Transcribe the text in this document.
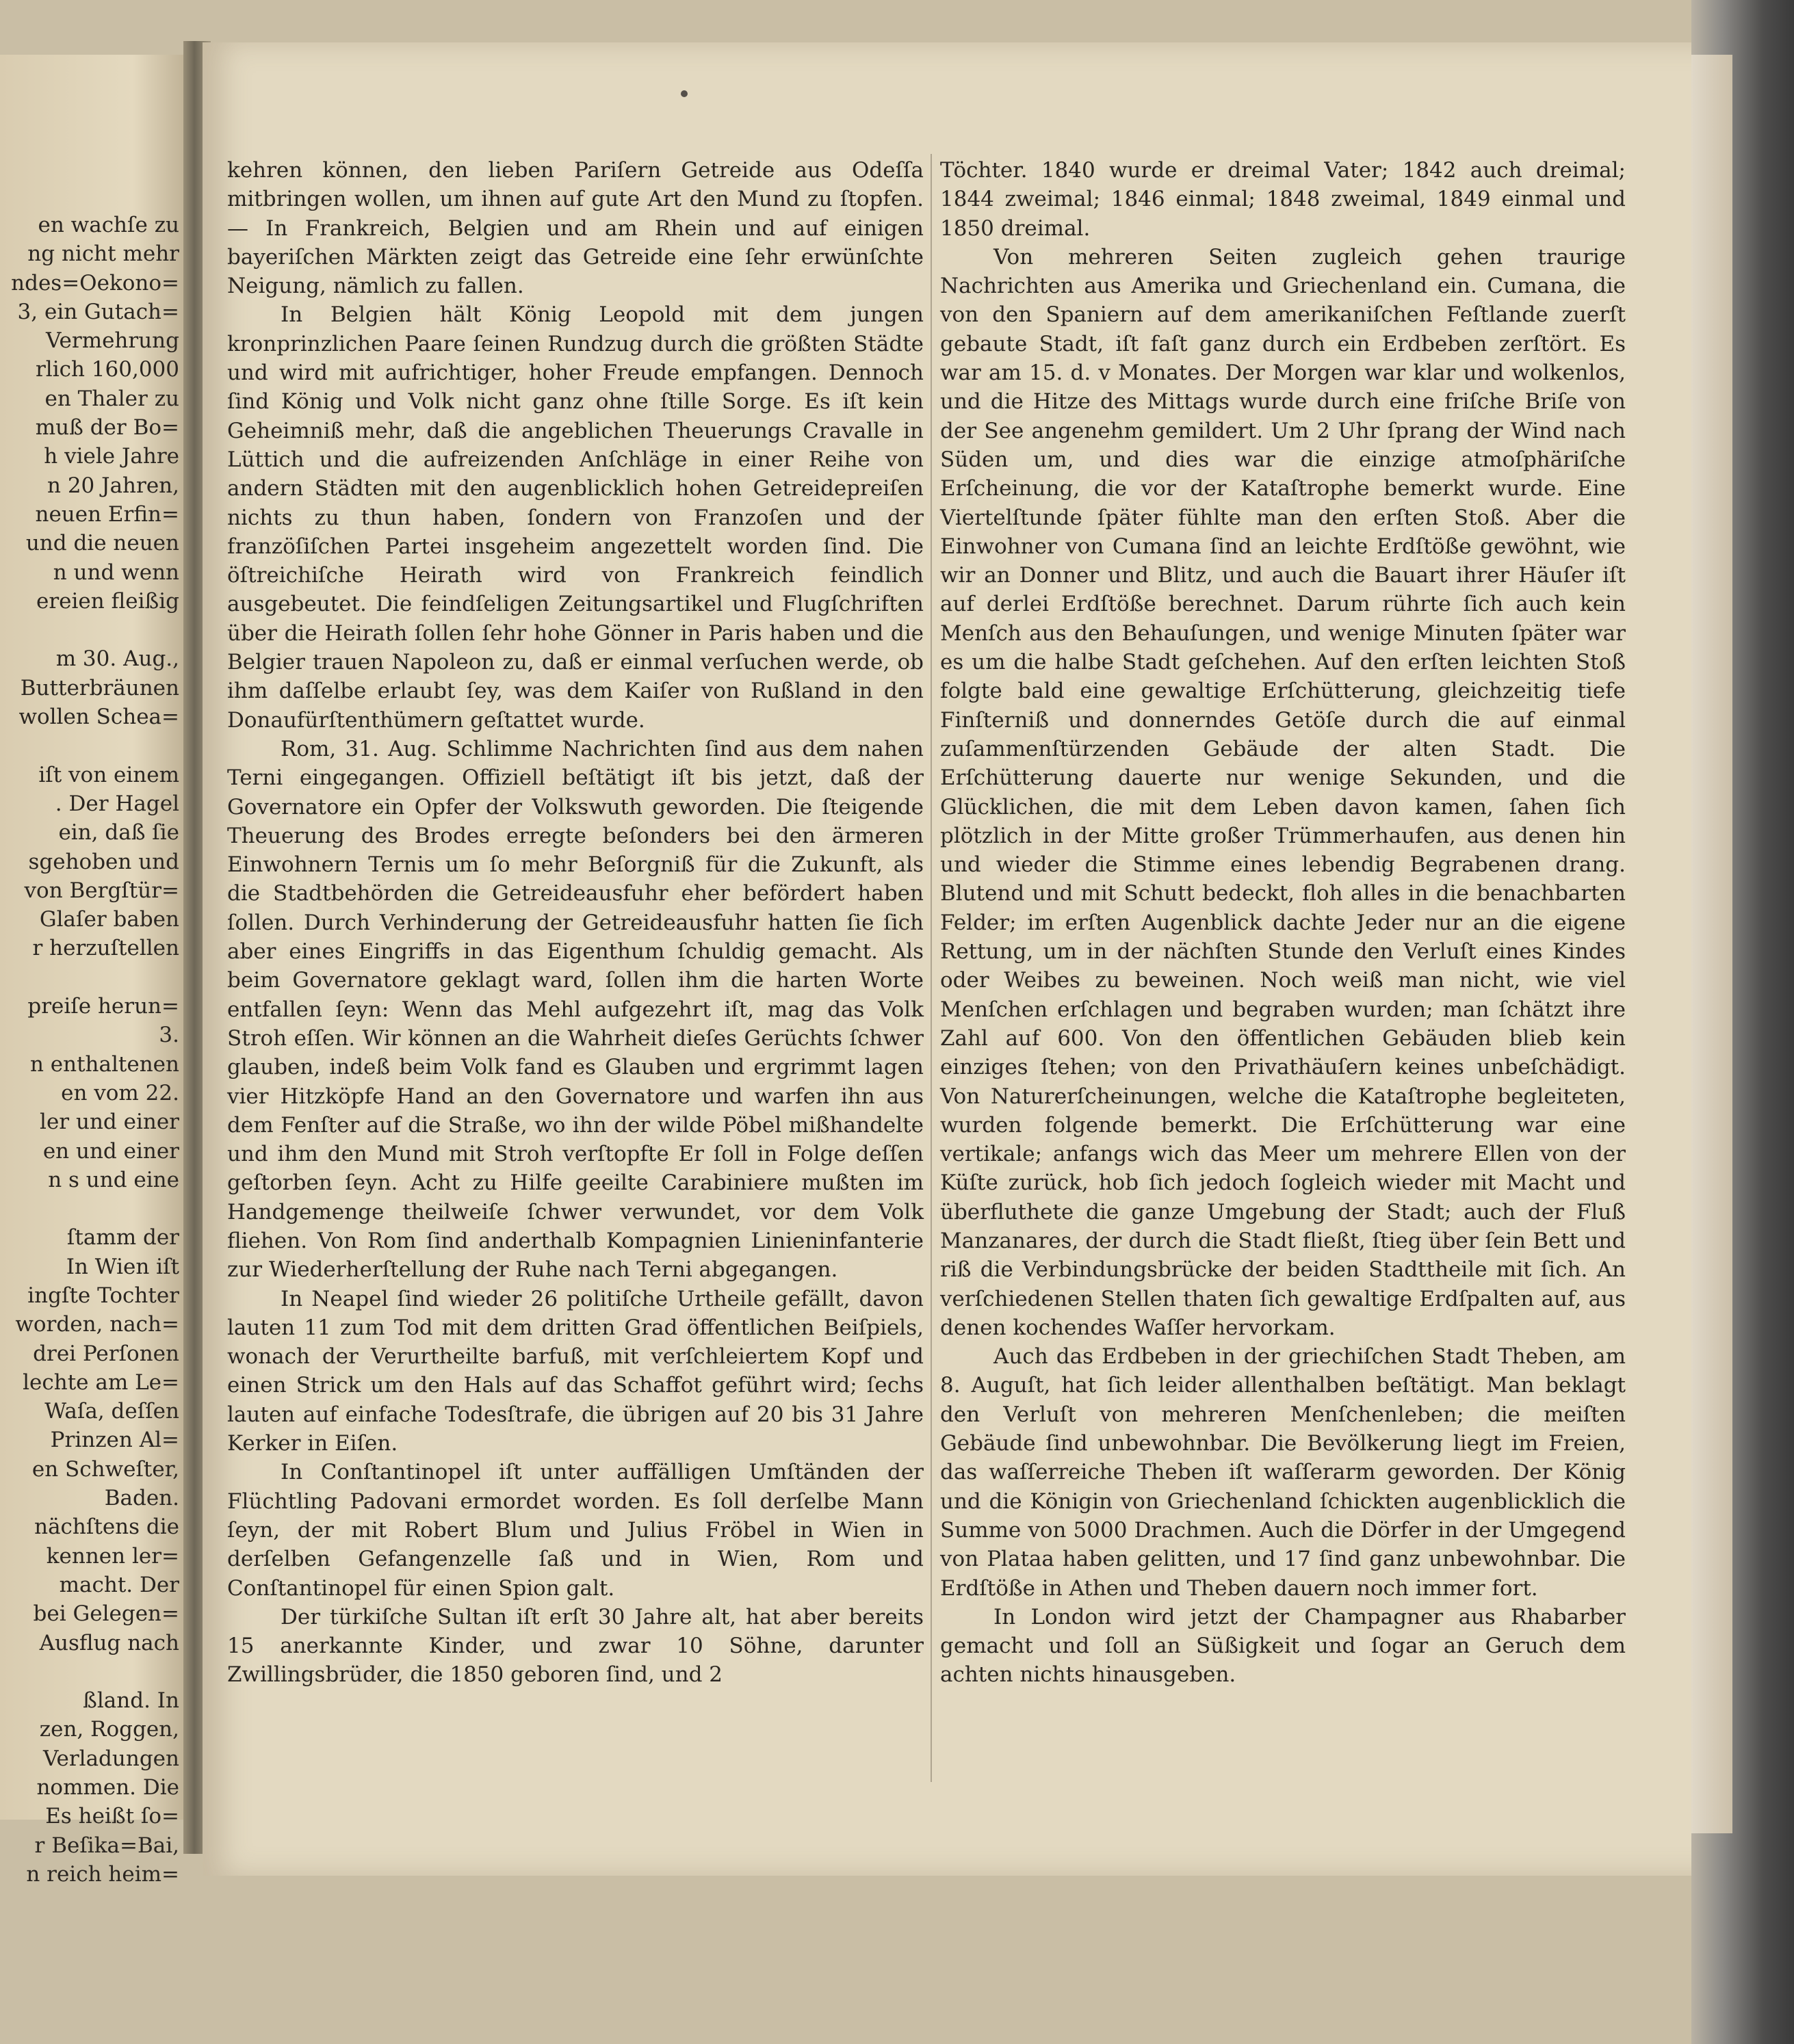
en wachſe zu
ng nicht mehr
ndes=Oekono=
3, ein Gutach=
Vermehrung
rlich 160,000
en Thaler zu
muß der Bo=
h viele Jahre
n 20 Jahren,
neuen Erfin=
und die neuen
n und wenn
ereien fleißig
m 30. Aug.,
Butterbräunen
wollen Schea=
iſt von einem
. Der Hagel
ein, daß ſie
sgehoben und
von Bergſtür=
Glaſer baben
r herzuſtellen
preiſe herun=
3.
n enthaltenen
en vom 22.
ler und einer
en und einer
n s und eine
ſtamm der
In Wien iſt
ingſte Tochter
worden, nach=
drei Perſonen
lechte am Le=
Waſa, deſſen
Prinzen Al=
en Schweſter,
Baden.
nächſtens die
kennen ler=
macht. Der
bei Gelegen=
Ausflug nach
ßland. In
zen, Roggen,
Verladungen
nommen. Die
Es heißt ſo=
r Beſika=Bai,
n reich heim=

kehren können, den lieben Pariſern Getreide aus Odeſſa mitbringen wollen, um ihnen auf gute Art den Mund zu ſtopfen. — In Frankreich, Belgien und am Rhein und auf einigen bayeriſchen Märkten zeigt das Getreide eine ſehr erwünſchte Neigung, nämlich zu fallen.

In Belgien hält König Leopold mit dem jungen kronprinzlichen Paare ſeinen Rundzug durch die größten Städte und wird mit aufrichtiger, hoher Freude empfangen. Dennoch ſind König und Volk nicht ganz ohne ſtille Sorge. Es iſt kein Geheimniß mehr, daß die angeblichen Theuerungs Cravalle in Lüttich und die aufreizenden Anſchläge in einer Reihe von andern Städten mit den augenblicklich hohen Getreidepreiſen nichts zu thun haben, ſondern von Franzoſen und der franzöſiſchen Partei insgeheim angezettelt worden ſind. Die öſtreichiſche Heirath wird von Frankreich feindlich ausgebeutet. Die feindſeligen Zeitungsartikel und Flugſchriften über die Heirath ſollen ſehr hohe Gönner in Paris haben und die Belgier trauen Napoleon zu, daß er einmal verſuchen werde, ob ihm daſſelbe erlaubt ſey, was dem Kaiſer von Rußland in den Donaufürſtenthümern geſtattet wurde.

Rom, 31. Aug. Schlimme Nachrichten ſind aus dem nahen Terni eingegangen. Offiziell beſtätigt iſt bis jetzt, daß der Governatore ein Opfer der Volkswuth geworden. Die ſteigende Theuerung des Brodes erregte beſonders bei den ärmeren Einwohnern Ternis um ſo mehr Beſorgniß für die Zukunft, als die Stadtbehörden die Getreideausfuhr eher befördert haben ſollen. Durch Verhinderung der Getreideausfuhr hatten ſie ſich aber eines Eingriffs in das Eigenthum ſchuldig gemacht. Als beim Governatore geklagt ward, ſollen ihm die harten Worte entfallen ſeyn: Wenn das Mehl aufgezehrt iſt, mag das Volk Stroh eſſen. Wir können an die Wahrheit dieſes Gerüchts ſchwer glauben, indeß beim Volk fand es Glauben und ergrimmt lagen vier Hitzköpfe Hand an den Governatore und warfen ihn aus dem Fenſter auf die Straße, wo ihn der wilde Pöbel mißhandelte und ihm den Mund mit Stroh verſtopfte Er ſoll in Folge deſſen geſtorben ſeyn. Acht zu Hilfe geeilte Carabiniere mußten im Handgemenge theilweiſe ſchwer verwundet, vor dem Volk fliehen. Von Rom ſind anderthalb Kompagnien Linieninfanterie zur Wiederherſtellung der Ruhe nach Terni abgegangen.

In Neapel ſind wieder 26 politiſche Urtheile gefällt, davon lauten 11 zum Tod mit dem dritten Grad öffentlichen Beiſpiels, wonach der Verurtheilte barfuß, mit verſchleiertem Kopf und einen Strick um den Hals auf das Schaffot geführt wird; ſechs lauten auf einfache Todesſtrafe, die übrigen auf 20 bis 31 Jahre Kerker in Eiſen.

In Conſtantinopel iſt unter auffälligen Umſtänden der Flüchtling Padovani ermordet worden. Es ſoll derſelbe Mann ſeyn, der mit Robert Blum und Julius Fröbel in Wien in derſelben Gefangenzelle ſaß und in Wien, Rom und Conſtantinopel für einen Spion galt.

Der türkiſche Sultan iſt erſt 30 Jahre alt, hat aber bereits 15 anerkannte Kinder, und zwar 10 Söhne, darunter Zwillingsbrüder, die 1850 geboren ſind, und 2

Töchter. 1840 wurde er dreimal Vater; 1842 auch dreimal; 1844 zweimal; 1846 einmal; 1848 zweimal, 1849 einmal und 1850 dreimal.

Von mehreren Seiten zugleich gehen traurige Nachrichten aus Amerika und Griechenland ein. Cumana, die von den Spaniern auf dem amerikaniſchen Feſtlande zuerſt gebaute Stadt, iſt faſt ganz durch ein Erdbeben zerſtört. Es war am 15. d. v Monates. Der Morgen war klar und wolkenlos, und die Hitze des Mittags wurde durch eine friſche Briſe von der See angenehm gemildert. Um 2 Uhr ſprang der Wind nach Süden um, und dies war die einzige atmoſphäriſche Erſcheinung, die vor der Kataſtrophe bemerkt wurde. Eine Viertelſtunde ſpäter fühlte man den erſten Stoß. Aber die Einwohner von Cumana ſind an leichte Erdſtöße gewöhnt, wie wir an Donner und Blitz, und auch die Bauart ihrer Häuſer iſt auf derlei Erdſtöße berechnet. Darum rührte ſich auch kein Menſch aus den Behauſungen, und wenige Minuten ſpäter war es um die halbe Stadt geſchehen. Auf den erſten leichten Stoß folgte bald eine gewaltige Erſchütterung, gleichzeitig tiefe Finſterniß und donnerndes Getöſe durch die auf einmal zuſammenſtürzenden Gebäude der alten Stadt. Die Erſchütterung dauerte nur wenige Sekunden, und die Glücklichen, die mit dem Leben davon kamen, ſahen ſich plötzlich in der Mitte großer Trümmerhaufen, aus denen hin und wieder die Stimme eines lebendig Begrabenen drang. Blutend und mit Schutt bedeckt, floh alles in die benachbarten Felder; im erſten Augenblick dachte Jeder nur an die eigene Rettung, um in der nächſten Stunde den Verluſt eines Kindes oder Weibes zu beweinen. Noch weiß man nicht, wie viel Menſchen erſchlagen und begraben wurden; man ſchätzt ihre Zahl auf 600. Von den öffentlichen Gebäuden blieb kein einziges ſtehen; von den Privathäuſern keines unbeſchädigt. Von Naturerſcheinungen, welche die Kataſtrophe begleiteten, wurden folgende bemerkt. Die Erſchütterung war eine vertikale; anfangs wich das Meer um mehrere Ellen von der Küſte zurück, hob ſich jedoch ſogleich wieder mit Macht und überfluthete die ganze Umgebung der Stadt; auch der Fluß Manzanares, der durch die Stadt fließt, ſtieg über ſein Bett und riß die Verbindungsbrücke der beiden Stadttheile mit ſich. An verſchiedenen Stellen thaten ſich gewaltige Erdſpalten auf, aus denen kochendes Waſſer hervorkam.

Auch das Erdbeben in der griechiſchen Stadt Theben, am 8. Auguſt, hat ſich leider allenthalben beſtätigt. Man beklagt den Verluſt von mehreren Menſchenleben; die meiſten Gebäude ſind unbewohnbar. Die Bevölkerung liegt im Freien, das waſſerreiche Theben iſt waſſerarm geworden. Der König und die Königin von Griechenland ſchickten augenblicklich die Summe von 5000 Drachmen. Auch die Dörfer in der Umgegend von Plataa haben gelitten, und 17 ſind ganz unbewohnbar. Die Erdſtöße in Athen und Theben dauern noch immer fort.

In London wird jetzt der Champagner aus Rhabarber gemacht und ſoll an Süßigkeit und ſogar an Geruch dem achten nichts hinausgeben.
